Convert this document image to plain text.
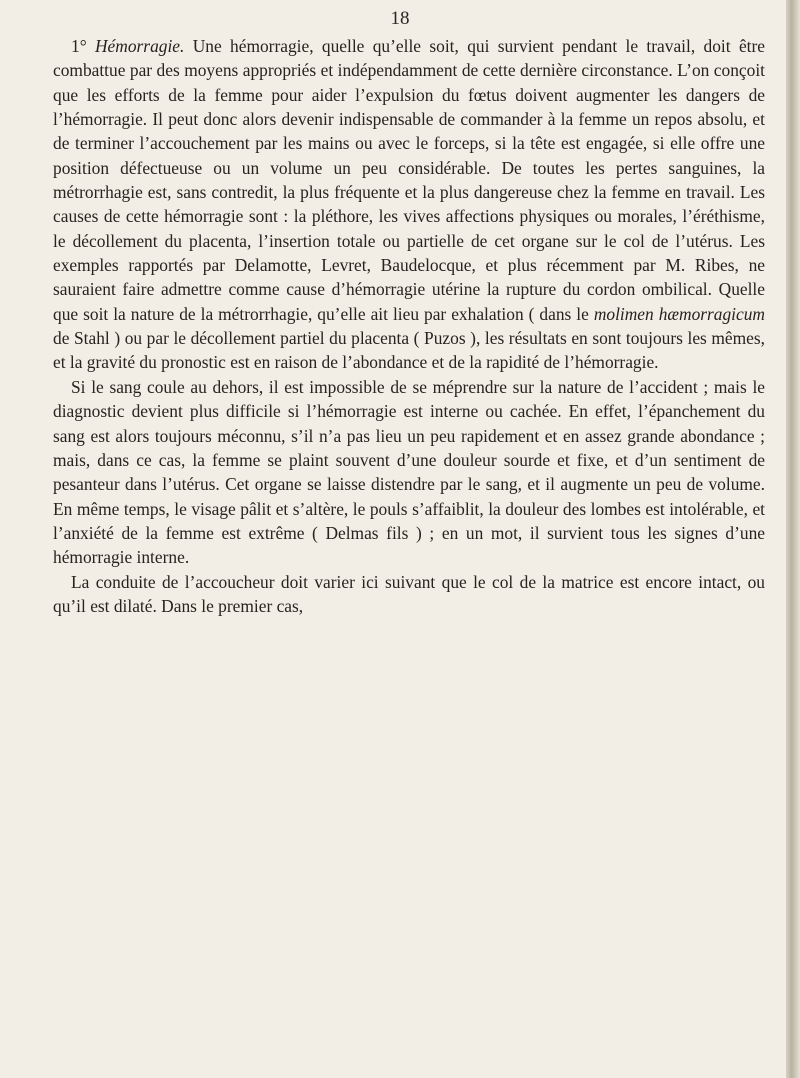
18

1° Hémorragie. Une hémorragie, quelle qu’elle soit, qui survient pendant le travail, doit être combattue par des moyens appropriés et indépendamment de cette dernière circonstance. L’on conçoit que les efforts de la femme pour aider l’expulsion du fœtus doivent augmenter les dangers de l’hémorragie. Il peut donc alors devenir indispensable de commander à la femme un repos absolu, et de terminer l’accouchement par les mains ou avec le forceps, si la tête est engagée, si elle offre une position défectueuse ou un volume un peu considérable. De toutes les pertes sanguines, la métrorrhagie est, sans contredit, la plus fréquente et la plus dangereuse chez la femme en travail. Les causes de cette hémorragie sont : la pléthore, les vives affections physiques ou morales, l’éréthisme, le décollement du placenta, l’insertion totale ou partielle de cet organe sur le col de l’utérus. Les exemples rapportés par Delamotte, Levret, Baudelocque, et plus récemment par M. Ribes, ne sauraient faire admettre comme cause d’hémorragie utérine la rupture du cordon ombilical. Quelle que soit la nature de la métrorrhagie, qu’elle ait lieu par exhalation ( dans le molimen hæmorragicum de Stahl ) ou par le décollement partiel du placenta ( Puzos ), les résultats en sont toujours les mêmes, et la gravité du pronostic est en raison de l’abondance et de la rapidité de l’hémorragie.

Si le sang coule au dehors, il est impossible de se méprendre sur la nature de l’accident ; mais le diagnostic devient plus difficile si l’hémorragie est interne ou cachée. En effet, l’épanchement du sang est alors toujours méconnu, s’il n’a pas lieu un peu rapidement et en assez grande abondance ; mais, dans ce cas, la femme se plaint souvent d’une douleur sourde et fixe, et d’un sentiment de pesanteur dans l’utérus. Cet organe se laisse distendre par le sang, et il augmente un peu de volume. En même temps, le visage pâlit et s’altère, le pouls s’affaiblit, la douleur des lombes est intolérable, et l’anxiété de la femme est extrême ( Delmas fils ) ; en un mot, il survient tous les signes d’une hémorragie interne.

La conduite de l’accoucheur doit varier ici suivant que le col de la matrice est encore intact, ou qu’il est dilaté. Dans le premier cas,
